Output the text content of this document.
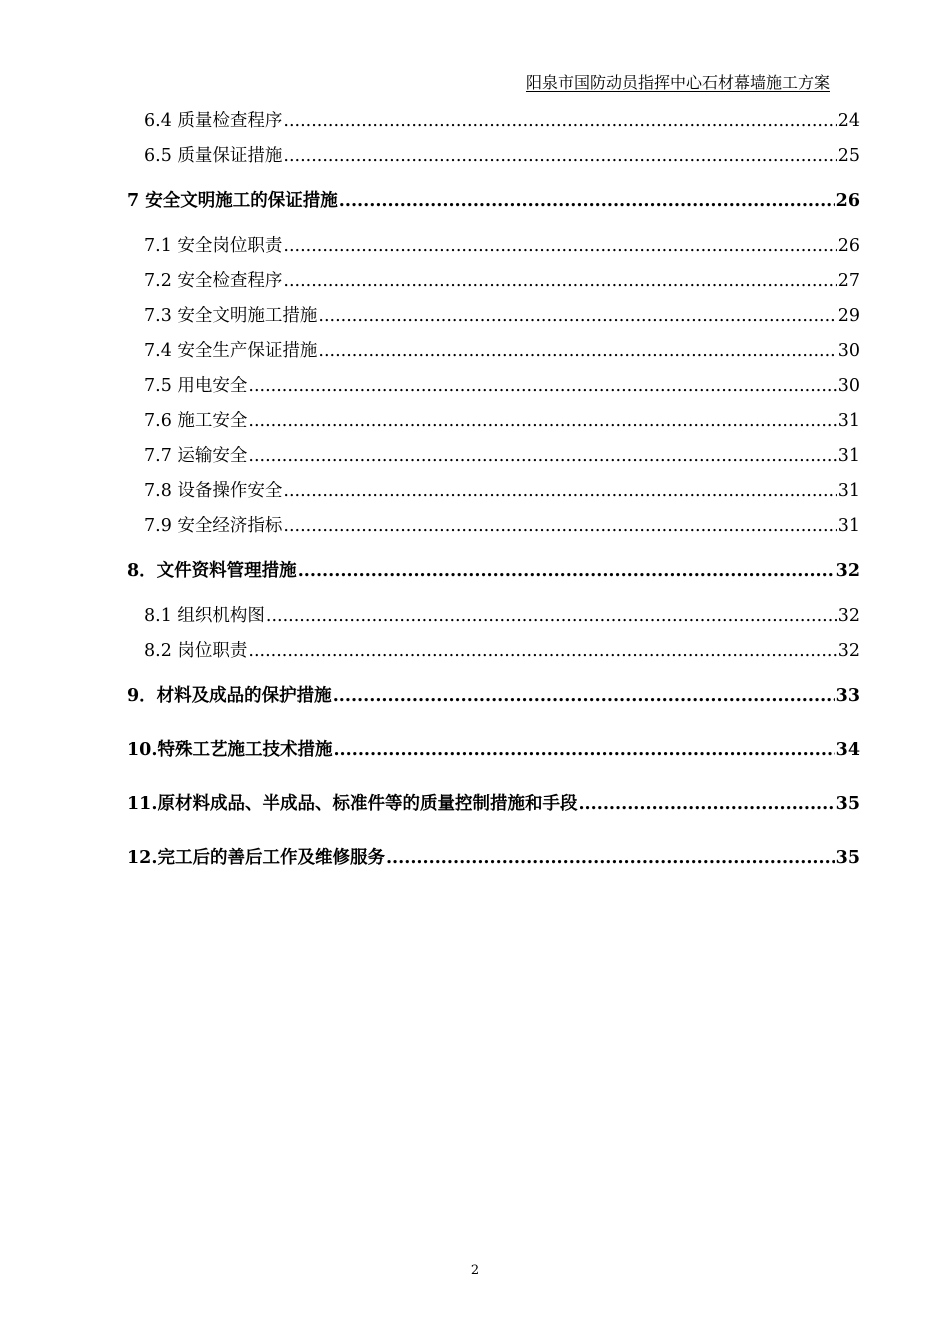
阳泉市国防动员指挥中心石材幕墙施工方案
6.4 质量检查程序 .....	24
6.5 质量保证措施 .....	25
7 安全文明施工的保证措施 .....	26
7.1 安全岗位职责 .....	26
7.2 安全检查程序 .....	27
7.3 安全文明施工措施 .....	29
7.4 安全生产保证措施 .....	30
7.5 用电安全 .....	30
7.6 施工安全 .....	31
7.7 运输安全 .....	31
7.8 设备操作安全 .....	31
7.9 安全经济指标 .....	31
8．文件资料管理措施 .....	32
8.1 组织机构图 .....	32
8.2 岗位职责 .....	32
9．材料及成品的保护措施 .....	33
10.特殊工艺施工技术措施 .....	34
11.原材料成品、半成品、标准件等的质量控制措施和手段 .....	35
12.完工后的善后工作及维修服务 .....	35
2
